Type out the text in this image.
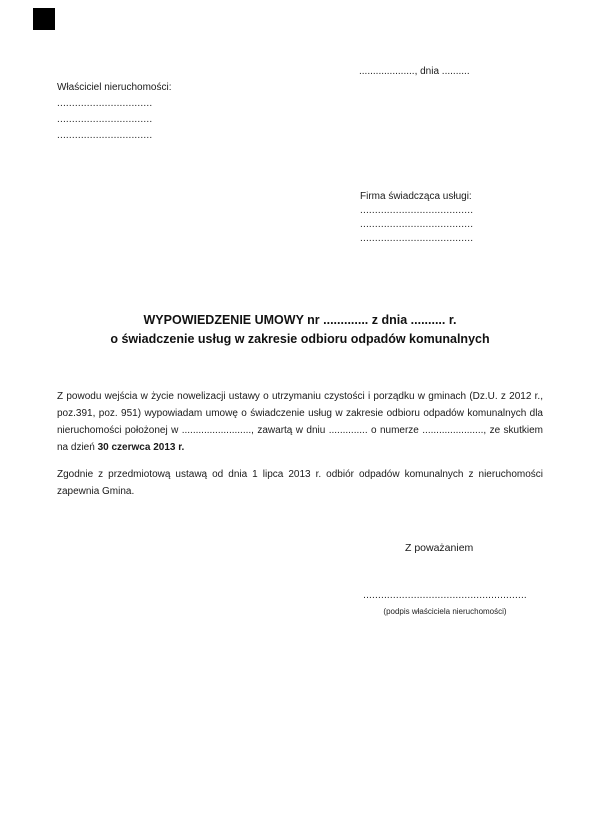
...................., dnia ..........
Właściciel nieruchomości:
................................
................................
................................
Firma świadcząca usługi:
......................................
......................................
......................................
WYPOWIEDZENIE UMOWY nr ............. z dnia .......... r.
o świadczenie usług w zakresie odbioru odpadów komunalnych
Z powodu wejścia w życie nowelizacji ustawy o utrzymaniu czystości i porządku w gminach (Dz.U. z 2012 r.,
poz.391, poz. 951) wypowiadam umowę o świadczenie usług w zakresie odbioru odpadów komunalnych dla
nieruchomości położonej w ........................., zawartą w dniu .............. o numerze ......................, ze skutkiem
na dzień 30 czerwca 2013 r.
Zgodnie z przedmiotową ustawą od dnia 1 lipca 2013 r. odbiór odpadów komunalnych z nieruchomości
zapewnia Gmina.
Z poważaniem
.......................................................
(podpis właściciela nieruchomości)
